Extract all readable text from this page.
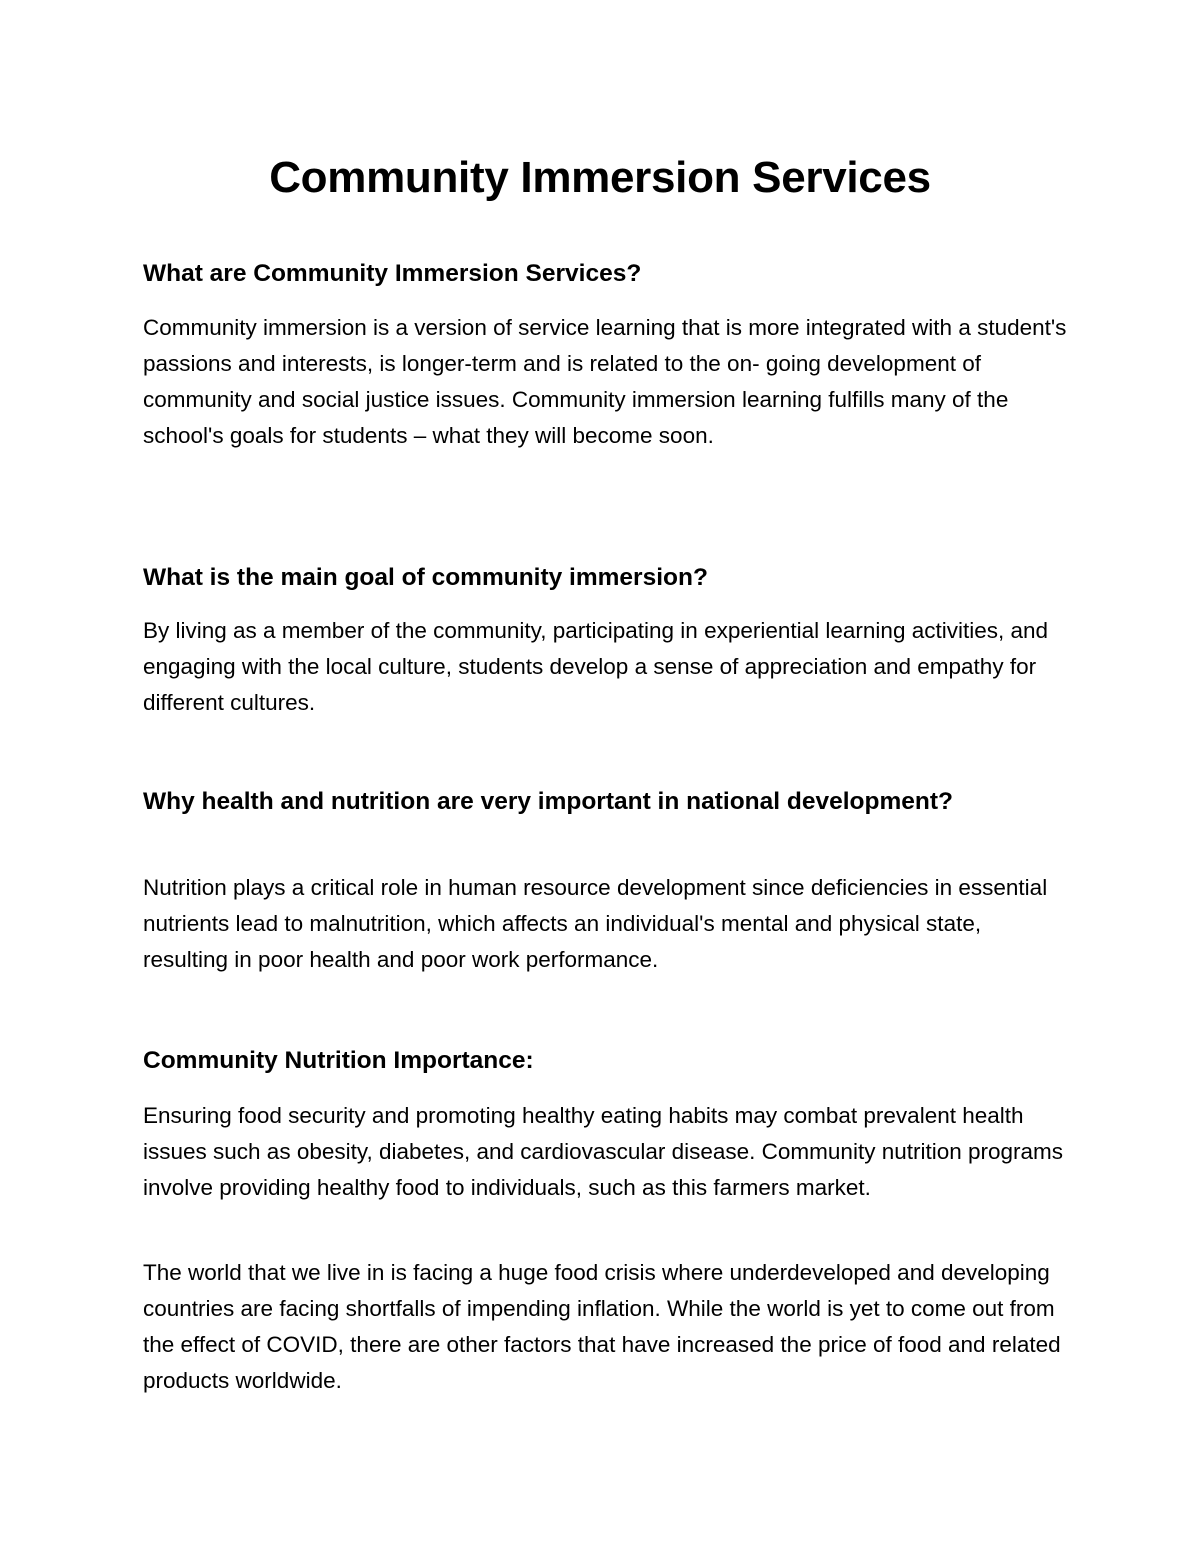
Community Immersion Services
What are Community Immersion Services?

Community immersion is a version of service learning that is more integrated with a student's passions and interests, is longer-term and is related to the on- going development of community and social justice issues. Community immersion learning fulfills many of the school's goals for students – what they will become soon.

What is the main goal of community immersion?

By living as a member of the community, participating in experiential learning activities, and engaging with the local culture, students develop a sense of appreciation and empathy for different cultures.

Why health and nutrition are very important in national development?

Nutrition plays a critical role in human resource development since deficiencies in essential nutrients lead to malnutrition, which affects an individual's mental and physical state, resulting in poor health and poor work performance.

Community Nutrition Importance:

Ensuring food security and promoting healthy eating habits may combat prevalent health issues such as obesity, diabetes, and cardiovascular disease. Community nutrition programs involve providing healthy food to individuals, such as this farmers market.

The world that we live in is facing a huge food crisis where underdeveloped and developing countries are facing shortfalls of impending inflation. While the world is yet to come out from the effect of COVID, there are other factors that have increased the price of food and related products worldwide.
